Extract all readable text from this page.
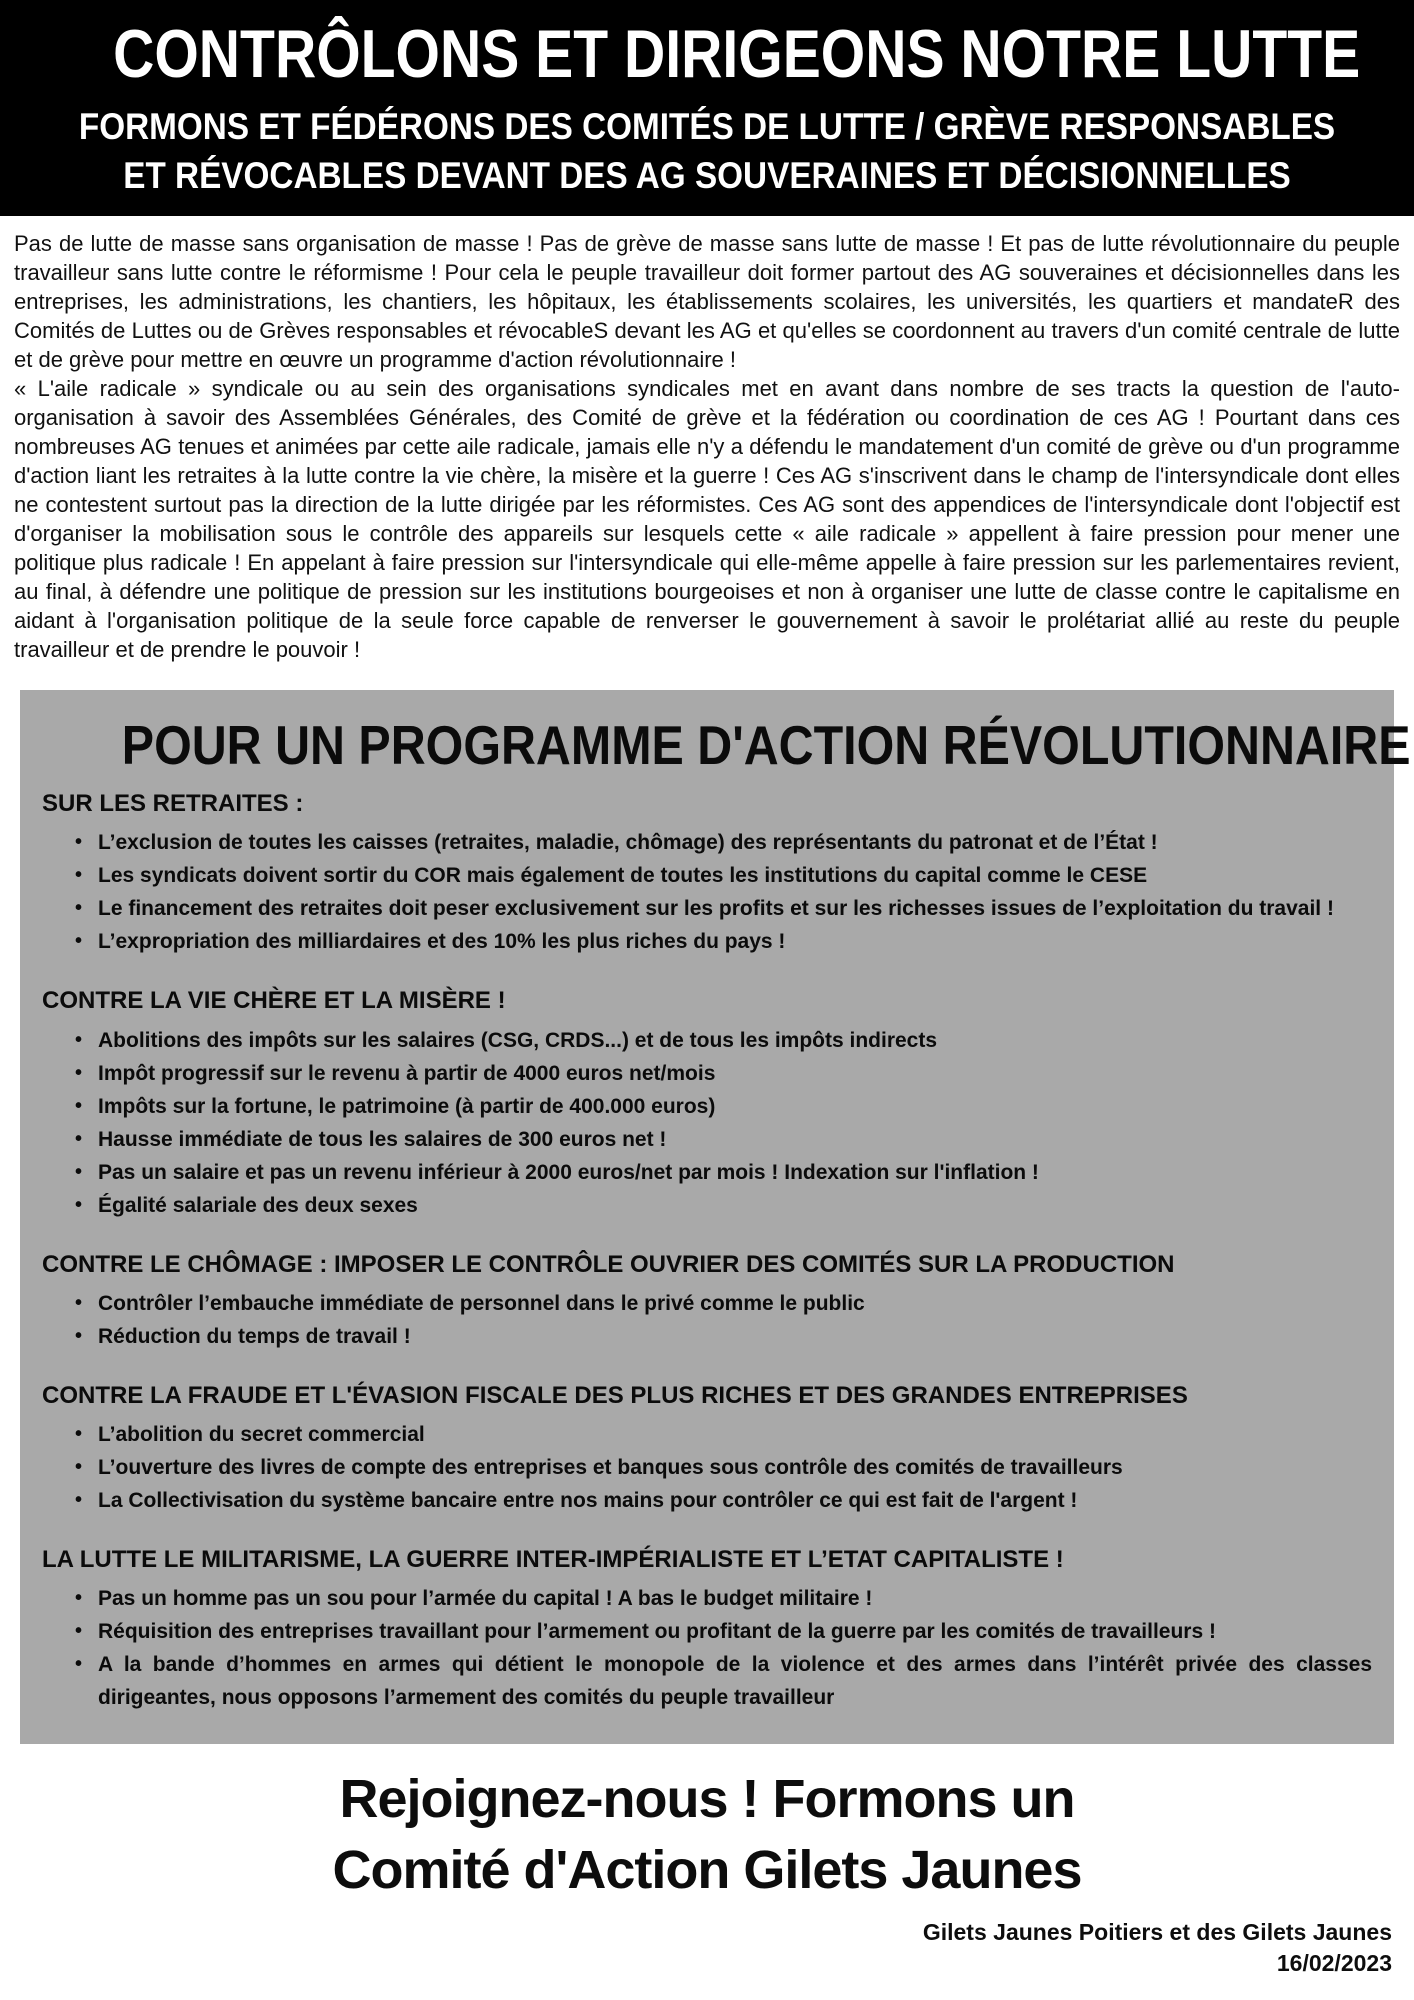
CONTRÔLONS ET DIRIGEONS NOTRE LUTTE
FORMONS ET FÉDÉRONS DES COMITÉS DE LUTTE / GRÈVE RESPONSABLES
ET RÉVOCABLES DEVANT DES AG SOUVERAINES ET DÉCISIONNELLES

Pas de lutte de masse sans organisation de masse ! Pas de grève de masse sans lutte de masse ! Et pas de lutte révolutionnaire du peuple travailleur sans lutte contre le réformisme ! Pour cela le peuple travailleur doit former partout des AG souveraines et décisionnelles dans les entreprises, les administrations, les chantiers, les hôpitaux, les établissements scolaires, les universités, les quartiers et mandateR des Comités de Luttes ou de Grèves responsables et révocableS devant les AG et qu'elles se coordonnent au travers d'un comité centrale de lutte et de grève pour mettre en œuvre un programme d'action révolutionnaire !

« L'aile radicale » syndicale ou au sein des organisations syndicales met en avant dans nombre de ses tracts la question de l'auto-organisation à savoir des Assemblées Générales, des Comité de grève et la fédération ou coordination de ces AG ! Pourtant dans ces nombreuses AG tenues et animées par cette aile radicale, jamais elle n'y a défendu le mandatement d'un comité de grève ou d'un programme d'action liant les retraites à la lutte contre la vie chère, la misère et la guerre ! Ces AG s'inscrivent dans le champ de l'intersyndicale dont elles ne contestent surtout pas la direction de la lutte dirigée par les réformistes. Ces AG sont des appendices de l'intersyndicale dont l'objectif est d'organiser la mobilisation sous le contrôle des appareils sur lesquels cette « aile radicale » appellent à faire pression pour mener une politique plus radicale ! En appelant à faire pression sur l'intersyndicale qui elle-même appelle à faire pression sur les parlementaires revient, au final, à défendre une politique de pression sur les institutions bourgeoises et non à organiser une lutte de classe contre le capitalisme en aidant à l'organisation politique de la seule force capable de renverser le gouvernement à savoir le prolétariat allié au reste du peuple travailleur et de prendre le pouvoir !

POUR UN PROGRAMME D'ACTION RÉVOLUTIONNAIRE
SUR LES RETRAITES :
• L’exclusion de toutes les caisses (retraites, maladie, chômage) des représentants du patronat et de l’État !
• Les syndicats doivent sortir du COR mais également de toutes les institutions du capital comme le CESE
• Le financement des retraites doit peser exclusivement sur les profits et sur les richesses issues de l’exploitation du travail !
• L’expropriation des milliardaires et des 10% les plus riches du pays !
CONTRE LA VIE CHÈRE ET LA MISÈRE !
• Abolitions des impôts sur les salaires (CSG, CRDS...) et de tous les impôts indirects
• Impôt progressif sur le revenu à partir de 4000 euros net/mois
• Impôts sur la fortune, le patrimoine (à partir de 400.000 euros)
• Hausse immédiate de tous les salaires de 300 euros net !
• Pas un salaire et pas un revenu inférieur à 2000 euros/net par mois ! Indexation sur l'inflation !
• Égalité salariale des deux sexes
CONTRE LE CHÔMAGE : IMPOSER LE CONTRÔLE OUVRIER DES COMITÉS SUR LA PRODUCTION
• Contrôler l’embauche immédiate de personnel dans le privé comme le public
• Réduction du temps de travail !
CONTRE LA FRAUDE ET L'ÉVASION FISCALE DES PLUS RICHES ET DES GRANDES ENTREPRISES
• L’abolition du secret commercial
• L’ouverture des livres de compte des entreprises et banques sous contrôle des comités de travailleurs
• La Collectivisation du système bancaire entre nos mains pour contrôler ce qui est fait de l'argent !
LA LUTTE LE MILITARISME, LA GUERRE INTER-IMPÉRIALISTE ET L’ETAT CAPITALISTE !
• Pas un homme pas un sou pour l’armée du capital ! A bas le budget militaire !
• Réquisition des entreprises travaillant pour l’armement ou profitant de la guerre par les comités de travailleurs !
• A la bande d’hommes en armes qui détient le monopole de la violence et des armes dans l’intérêt privée des classes dirigeantes, nous opposons l’armement des comités du peuple travailleur
Rejoignez-nous ! Formons un
Comité d'Action Gilets Jaunes
Gilets Jaunes Poitiers et des Gilets Jaunes
16/02/2023
